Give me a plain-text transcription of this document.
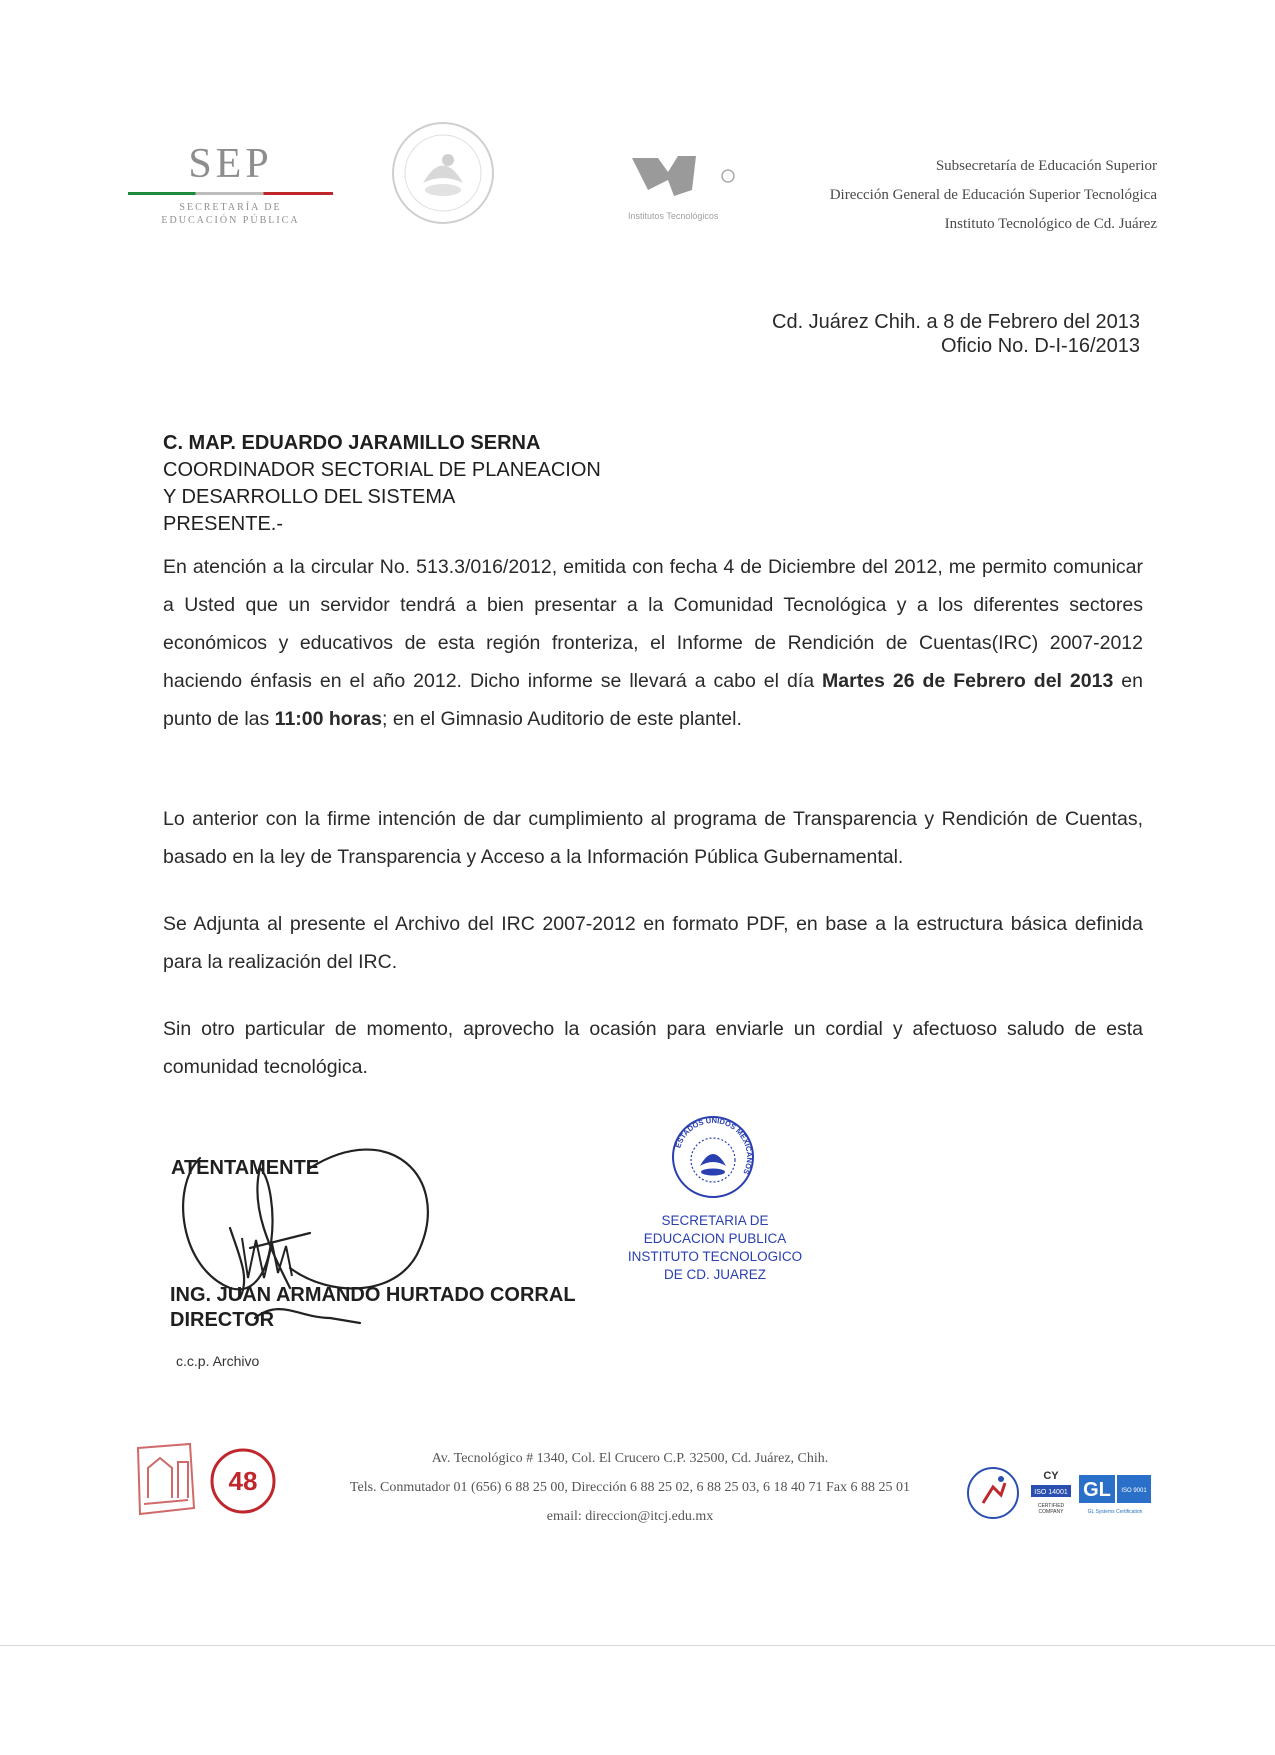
SEP
SECRETARÍA DE
EDUCACIÓN PÚBLICA	Institutos Tecnológicos
Subsecretaría de Educación Superior
Dirección General de Educación Superior Tecnológica
Instituto Tecnológico de Cd. Juárez
Cd. Juárez Chih. a 8 de Febrero del 2013
Oficio No. D-I-16/2013
C. MAP. EDUARDO JARAMILLO SERNA
COORDINADOR SECTORIAL DE PLANEACION
Y DESARROLLO DEL SISTEMA
PRESENTE.-
En atención a la circular No. 513.3/016/2012, emitida con fecha 4 de Diciembre del 2012, me permito comunicar a Usted que un servidor tendrá a bien presentar a la Comunidad Tecnológica y a los diferentes sectores económicos y educativos de esta región fronteriza, el Informe de Rendición de Cuentas(IRC) 2007-2012 haciendo énfasis en el año 2012. Dicho informe se llevará a cabo el día Martes 26 de Febrero del 2013 en punto de las 11:00 horas; en el Gimnasio Auditorio de este plantel.
Lo anterior con la firme intención de dar cumplimiento al programa de Transparencia y Rendición de Cuentas, basado en la ley de Transparencia y Acceso a la Información Pública Gubernamental.
Se Adjunta al presente el Archivo del IRC 2007-2012 en formato PDF, en base a la estructura básica definida para la realización del IRC.
Sin otro particular de momento, aprovecho la ocasión para enviarle un cordial y afectuoso saludo de esta comunidad tecnológica.
ATENTAMENTE
ING. JUAN ARMANDO HURTADO CORRAL
DIRECTOR
c.c.p. Archivo
ESTADOS UNIDOS MEXICANOS
SECRETARIA DE
EDUCACION PUBLICA
INSTITUTO TECNOLOGICO
DE CD. JUAREZ
48
Av. Tecnológico # 1340, Col. El Crucero C.P. 32500, Cd. Juárez, Chih.
Tels. Conmutador 01 (656) 6 88 25 00, Dirección 6 88 25 02, 6 88 25 03, 6 18 40 71 Fax 6 88 25 01
email: direccion@itcj.edu.mx
ISO 14001
CY
CERTIFIED
COMPANY
GL ISO 9001
GL Systems Certification
